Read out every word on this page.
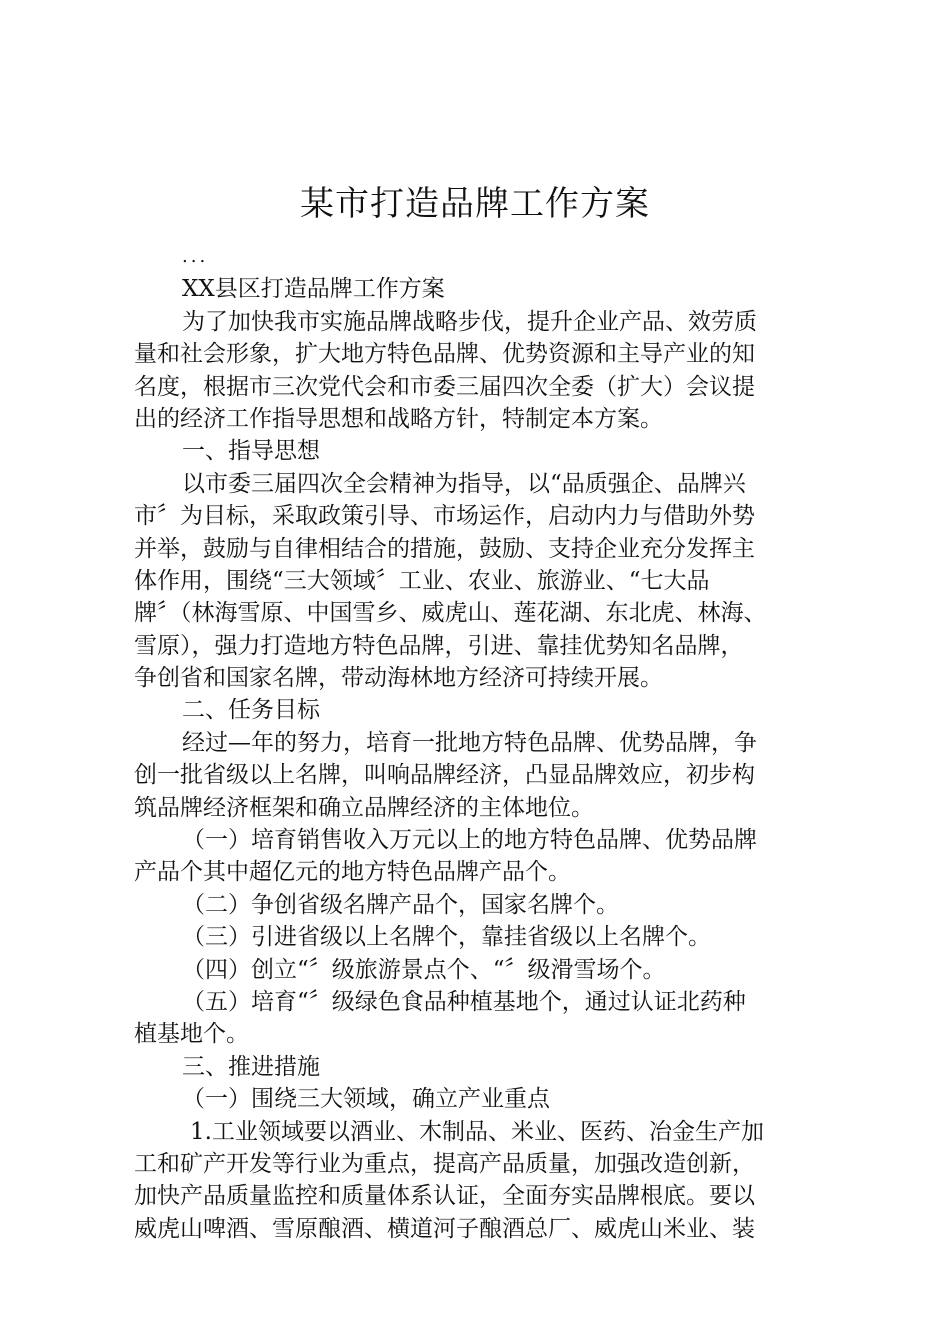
某市打造品牌工作方案
...
XX县区打造品牌工作方案
为了加快我市实施品牌战略步伐，提升企业产品、效劳质
量和社会形象，扩大地方特色品牌、优势资源和主导产业的知
名度，根据市三次党代会和市委三届四次全委（扩大）会议提
出的经济工作指导思想和战略方针，特制定本方案。
一、指导思想
以市委三届四次全会精神为指导，以“品质强企、品牌兴
市〞为目标，采取政策引导、市场运作，启动内力与借助外势
并举，鼓励与自律相结合的措施，鼓励、支持企业充分发挥主
体作用，围绕“三大领域〞工业、农业、旅游业、“七大品
牌〞（林海雪原、中国雪乡、威虎山、莲花湖、东北虎、林海、
雪原），强力打造地方特色品牌，引进、靠挂优势知名品牌，
争创省和国家名牌，带动海林地方经济可持续开展。
二、任务目标
经过—年的努力，培育一批地方特色品牌、优势品牌，争
创一批省级以上名牌，叫响品牌经济，凸显品牌效应，初步构
筑品牌经济框架和确立品牌经济的主体地位。
（一）培育销售收入万元以上的地方特色品牌、优势品牌
产品个其中超亿元的地方特色品牌产品个。
（二）争创省级名牌产品个，国家名牌个。
（三）引进省级以上名牌个，靠挂省级以上名牌个。
（四）创立“〞级旅游景点个、“〞级滑雪场个。
（五）培育“〞级绿色食品种植基地个，通过认证北药种
植基地个。
三、推进措施
（一）围绕三大领域，确立产业重点
1.工业领域要以酒业、木制品、米业、医药、冶金生产加
工和矿产开发等行业为重点，提高产品质量，加强改造创新，
加快产品质量监控和质量体系认证，全面夯实品牌根底。要以
威虎山啤酒、雪原酿酒、横道河子酿酒总厂、威虎山米业、装
